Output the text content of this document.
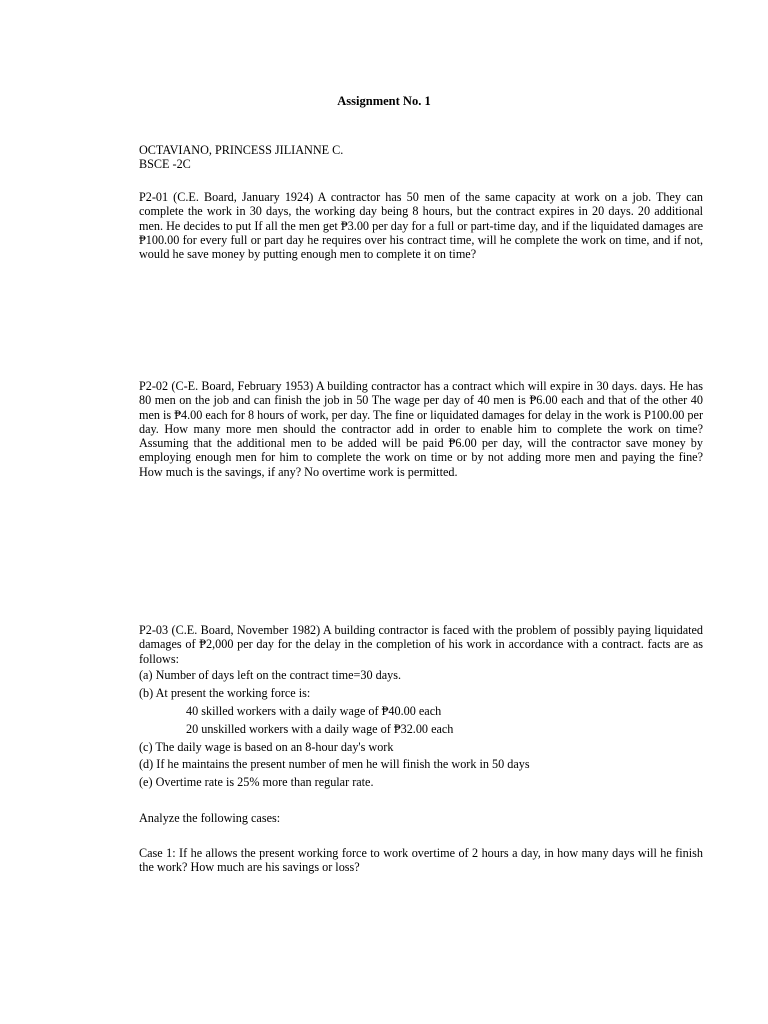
Assignment No. 1
OCTAVIANO, PRINCESS JILIANNE C.
BSCE -2C

P2-01 (C.E. Board, January 1924) A contractor has 50 men of the same capacity at work on a job. They can complete the work in 30 days, the working day being 8 hours, but the contract expires in 20 days. 20 additional men. He decides to put If all the men get ₱3.00 per day for a full or part-time day, and if the liquidated damages are ₱100.00 for every full or part day he requires over his contract time, will he complete the work on time, and if not, would he save money by putting enough men to complete it on time?

P2-02 (C-E. Board, February 1953) A building contractor has a contract which will expire in 30 days. days. He has 80 men on the job and can finish the job in 50 The wage per day of 40 men is ₱6.00 each and that of the other 40 men is ₱4.00 each for 8 hours of work, per day. The fine or liquidated damages for delay in the work is P100.00 per day. How many more men should the contractor add in order to enable him to complete the work on time? Assuming that the additional men to be added will be paid ₱6.00 per day, will the contractor save money by employing enough men for him to complete the work on time or by not adding more men and paying the fine? How much is the savings, if any? No overtime work is permitted.

P2-03 (C.E. Board, November 1982) A building contractor is faced with the problem of possibly paying liquidated damages of ₱2,000 per day for the delay in the completion of his work in accordance with a contract. facts are as follows:

(a) Number of days left on the contract time=30 days.
(b) At present the working force is:
40 skilled workers with a daily wage of ₱40.00 each
20 unskilled workers with a daily wage of ₱32.00 each
(c) The daily wage is based on an 8-hour day's work
(d) If he maintains the present number of men he will finish the work in 50 days
(e) Overtime rate is 25% more than regular rate.
Analyze the following cases:

Case 1: If he allows the present working force to work overtime of 2 hours a day, in how many days will he finish the work? How much are his savings or loss?
